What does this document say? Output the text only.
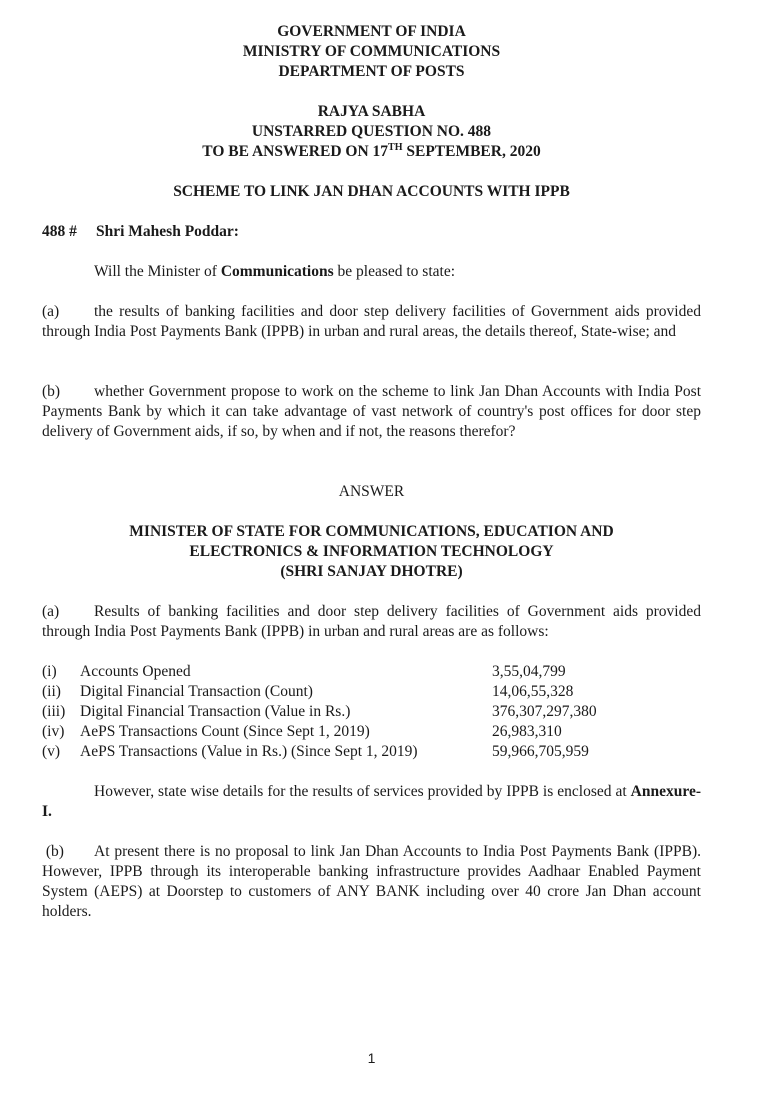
GOVERNMENT OF INDIA
MINISTRY OF COMMUNICATIONS
DEPARTMENT OF POSTS
RAJYA SABHA
UNSTARRED QUESTION NO. 488
TO BE ANSWERED ON 17TH SEPTEMBER, 2020
SCHEME TO LINK JAN DHAN ACCOUNTS WITH IPPB
488 # Shri Mahesh Poddar:
Will the Minister of Communications be pleased to state:
(a) the results of banking facilities and door step delivery facilities of Government aids provided through India Post Payments Bank (IPPB) in urban and rural areas, the details thereof, State-wise; and
(b) whether Government propose to work on the scheme to link Jan Dhan Accounts with India Post Payments Bank by which it can take advantage of vast network of country's post offices for door step delivery of Government aids, if so, by when and if not, the reasons therefor?
ANSWER
MINISTER OF STATE FOR COMMUNICATIONS, EDUCATION AND
ELECTRONICS & INFORMATION TECHNOLOGY
(SHRI SANJAY DHOTRE)
(a) Results of banking facilities and door step delivery facilities of Government aids provided through India Post Payments Bank (IPPB) in urban and rural areas are as follows:
(i)	Accounts Opened	3,55,04,799
(ii)	Digital Financial Transaction (Count)	14,06,55,328
(iii)	Digital Financial Transaction (Value in Rs.)	376,307,297,380
(iv)	AePS Transactions Count (Since Sept 1, 2019)	26,983,310
(v)	AePS Transactions (Value in Rs.) (Since Sept 1, 2019)	59,966,705,959
However, state wise details for the results of services provided by IPPB is enclosed at Annexure-I.
(b) At present there is no proposal to link Jan Dhan Accounts to India Post Payments Bank (IPPB). However, IPPB through its interoperable banking infrastructure provides Aadhaar Enabled Payment System (AEPS) at Doorstep to customers of ANY BANK including over 40 crore Jan Dhan account holders.
1
